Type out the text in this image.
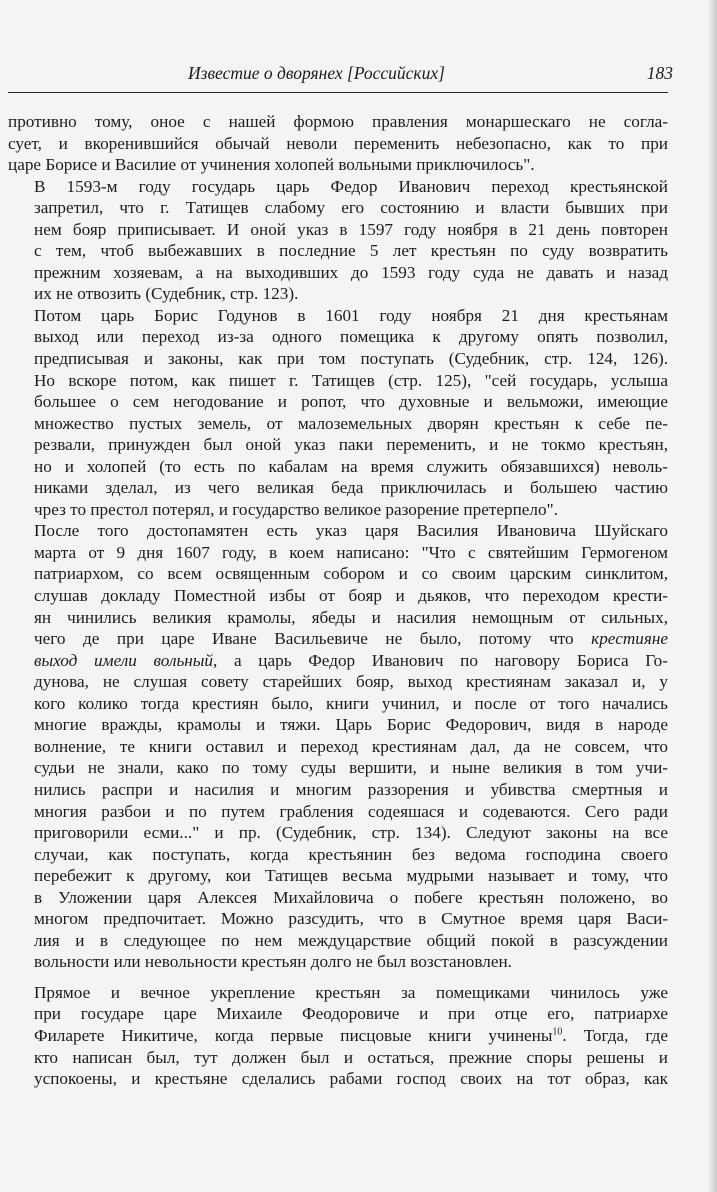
Известие о дворянех [Российских]	183

противно тому, оное с нашей формою правления монаршескаго не согла-
сует, и вкоренившийся обычай неволи переменить небезопасно, как то при
царе Борисе и Василие от учинения холопей вольными приключилось".

В 1593-м году государь царь Федор Иванович переход крестьянской
запретил, что г. Татищев слабому его состоянию и власти бывших при
нем бояр приписывает. И оной указ в 1597 году ноября в 21 день повторен
с тем, чтоб выбежавших в последние 5 лет крестьян по суду возвратить
прежним хозяевам, а на выходивших до 1593 году суда не давать и назад
их не отвозить (Судебник, стр. 123).

Потом царь Борис Годунов в 1601 году ноября 21 дня крестьянам
выход или переход из-за одного помещика к другому опять позволил,
предписывая и законы, как при том поступать (Судебник, стр. 124, 126).
Но вскоре потом, как пишет г. Татищев (стр. 125), "сей государь, услыша
большее о сем негодование и ропот, что духовные и вельможи, имеющие
множество пустых земель, от малоземельных дворян крестьян к себе пе-
резвали, принужден был оной указ паки переменить, и не токмо крестьян,
но и холопей (то есть по кабалам на время служить обязавшихся) неволь-
никами зделал, из чего великая беда приключилась и большею частию
чрез то престол потерял, и государство великое разорение претерпело".

После того достопамятен есть указ царя Василия Ивановича Шуйскаго
марта от 9 дня 1607 году, в коем написано: "Что с святейшим Гермогеном
патриархом, со всем освященным собором и со своим царским синклитом,
слушав докладу Поместной избы от бояр и дьяков, что переходом крести-
ян чинились великия крамолы, ябеды и насилия немощным от сильных,
чего де при царе Иване Васильевиче не было, потому что крестияне
выход имели вольный, а царь Федор Иванович по наговору Бориса Го-
дунова, не слушая совету старейших бояр, выход крестиянам заказал и, у
кого колико тогда крестиян было, книги учинил, и после от того начались
многие вражды, крамолы и тяжи. Царь Борис Федорович, видя в народе
волнение, те книги оставил и переход крестиянам дал, да не совсем, что
судьи не знали, како по тому суды вершити, и ныне великия в том учи-
нились распри и насилия и многим раззорения и убивства смертныя и
многия разбои и по путем грабления содеяшася и содеваются. Сего ради
приговорили есми..." и пр. (Судебник, стр. 134). Следуют законы на все
случаи, как поступать, когда крестьянин без ведома господина своего
перебежит к другому, кои Татищев весьма мудрыми называет и тому, что
в Уложении царя Алексея Михайловича о побеге крестьян положено, во
многом предпочитает. Можно разсудить, что в Смутное время царя Васи-
лия и в следующее по нем междуцарствие общий покой в разсуждении
вольности или невольности крестьян долго не был возстановлен.

Прямое и вечное укрепление крестьян за помещиками чинилось уже
при государе царе Михаиле Феодоровиче и при отце его, патриархе
Филарете Никитиче, когда первые писцовые книги учинены$^{10}$. Тогда, где
кто написан был, тут должен был и остаться, прежние споры решены и
успокоены, и крестьяне сделались рабами господ своих на тот образ, как
